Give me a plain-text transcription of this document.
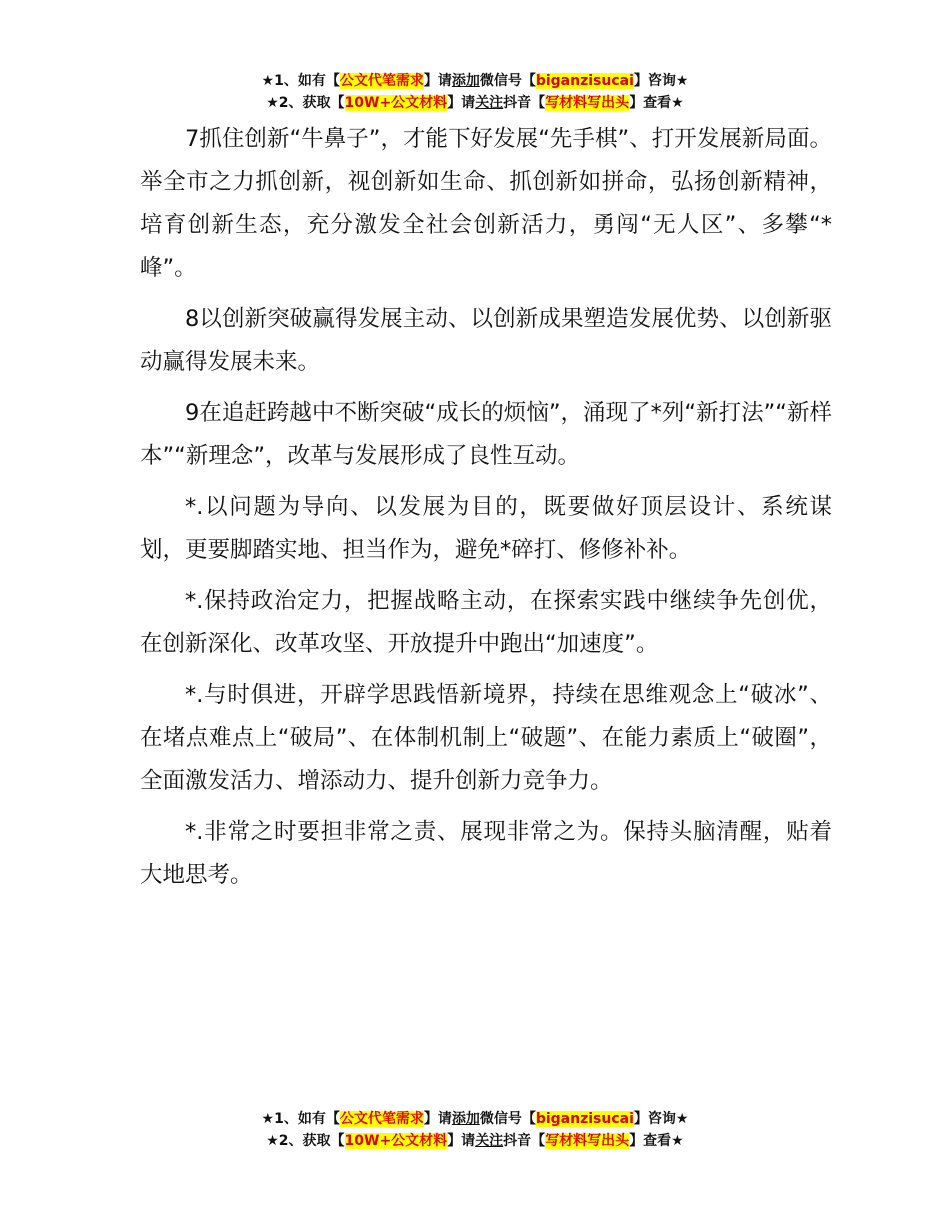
★1、如有【公文代笔需求】请添加微信号【biganzisucai】咨询★
★2、获取【10W+公文材料】请关注抖音【写材料写出头】查看★

7抓住创新“牛鼻子”，才能下好发展“先手棋”、打开发展新局面。举全市之力抓创新，视创新如生命、抓创新如拼命，弘扬创新精神，培育创新生态，充分激发全社会创新活力，勇闯“无人区”、多攀“*峰”。

8以创新突破赢得发展主动、以创新成果塑造发展优势、以创新驱动赢得发展未来。

9在追赶跨越中不断突破“成长的烦恼”，涌现了*列“新打法”“新样本”“新理念”，改革与发展形成了良性互动。

*.以问题为导向、以发展为目的，既要做好顶层设计、系统谋划，更要脚踏实地、担当作为，避免*碎打、修修补补。

*.保持政治定力，把握战略主动，在探索实践中继续争先创优，在创新深化、改革攻坚、开放提升中跑出“加速度”。

*.与时俱进，开辟学思践悟新境界，持续在思维观念上“破冰”、在堵点难点上“破局”、在体制机制上“破题”、在能力素质上“破圈”，全面激发活力、增添动力、提升创新力竞争力。

*.非常之时要担非常之责、展现非常之为。保持头脑清醒，贴着大地思考。

★1、如有【公文代笔需求】请添加微信号【biganzisucai】咨询★
★2、获取【10W+公文材料】请关注抖音【写材料写出头】查看★
